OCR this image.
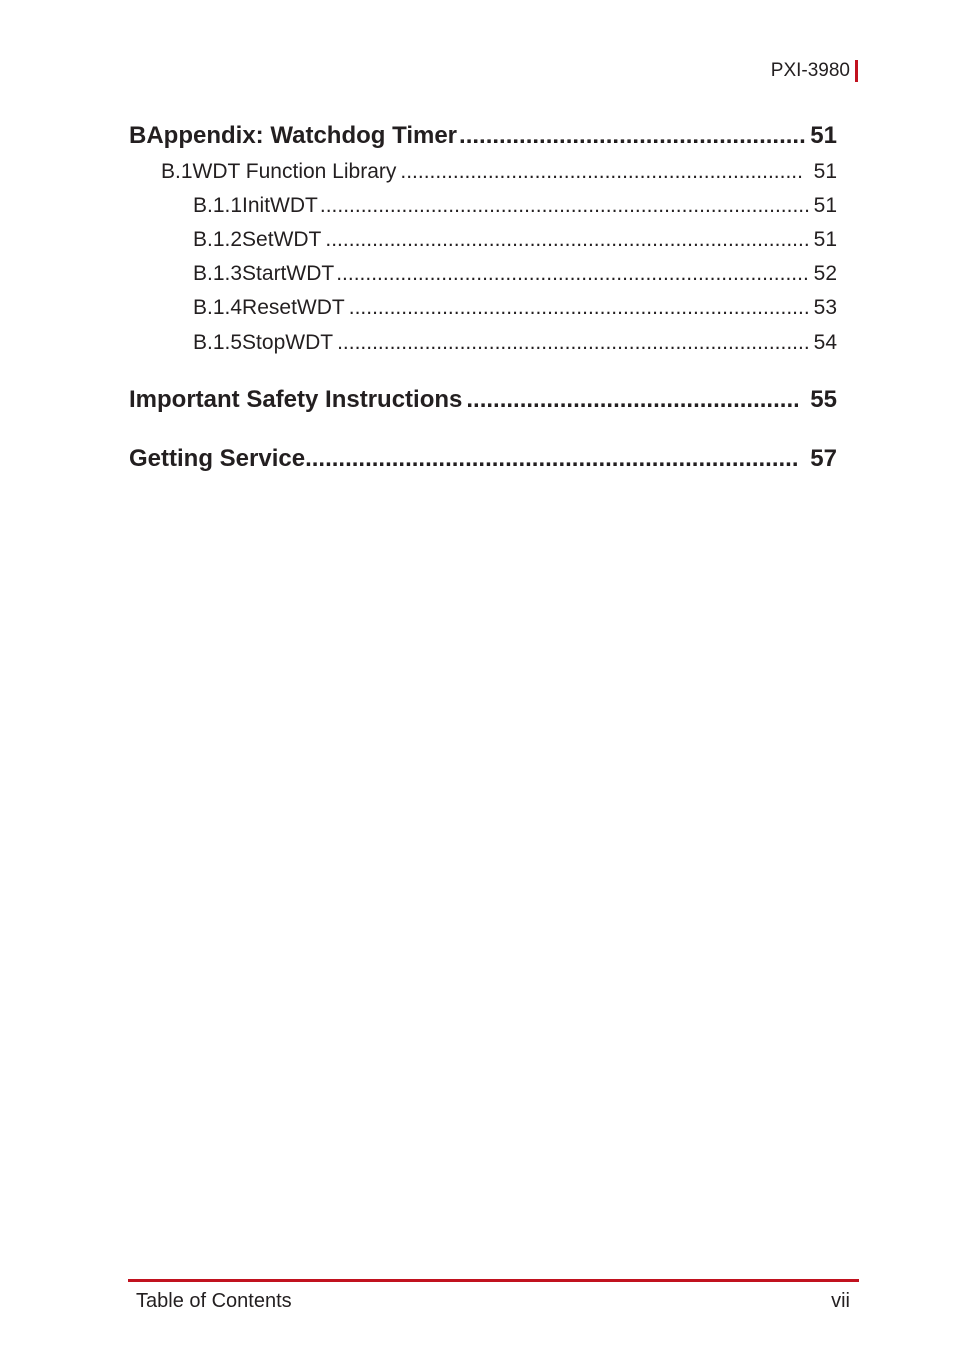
PXI-3980
B Appendix: Watchdog Timer .....	51
B.1 WDT Function Library .....	51
B.1.1 InitWDT .....	51
B.1.2 SetWDT .....	51
B.1.3 StartWDT .....	52
B.1.4 ResetWDT .....	53
B.1.5 StopWDT .....	54
Important Safety Instructions .....	55
Getting Service .....	57
Table of Contents	vii
